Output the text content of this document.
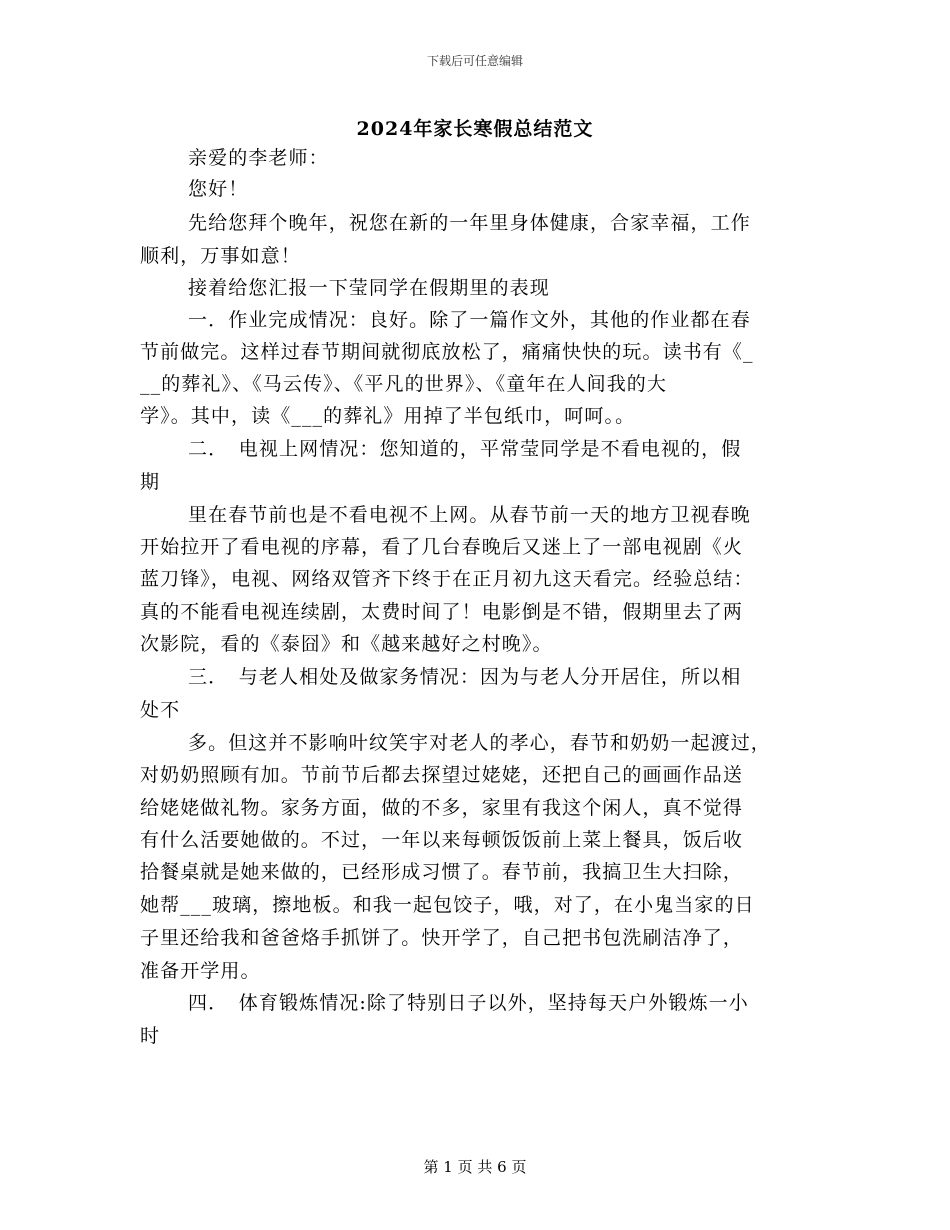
下载后可任意编辑
2024年家长寒假总结范文
亲爱的李老师：
您好！
先给您拜个晚年，祝您在新的一年里身体健康，合家幸福，工作
顺利，万事如意！
接着给您汇报一下莹同学在假期里的表现
一．作业完成情况：良好。除了一篇作文外，其他的作业都在春
节前做完。这样过春节期间就彻底放松了，痛痛快快的玩。读书有《_
__的葬礼》、《马云传》、《平凡的世界》、《童年在人间我的大
学》。其中，读《___的葬礼》用掉了半包纸巾，呵呵。。
二．　电视上网情况：您知道的，平常莹同学是不看电视的，假
期
里在春节前也是不看电视不上网。从春节前一天的地方卫视春晚
开始拉开了看电视的序幕，看了几台春晚后又迷上了一部电视剧《火
蓝刀锋》，电视、网络双管齐下终于在正月初九这天看完。经验总结：
真的不能看电视连续剧，太费时间了！电影倒是不错，假期里去了两
次影院，看的《泰囧》和《越来越好之村晚》。
三．　与老人相处及做家务情况：因为与老人分开居住，所以相
处不
多。但这并不影响叶纹笑宇对老人的孝心，春节和奶奶一起渡过，
对奶奶照顾有加。节前节后都去探望过姥姥，还把自己的画画作品送
给姥姥做礼物。家务方面，做的不多，家里有我这个闲人，真不觉得
有什么活要她做的。不过，一年以来每顿饭饭前上菜上餐具，饭后收
拾餐桌就是她来做的，已经形成习惯了。春节前，我搞卫生大扫除，
她帮___玻璃，擦地板。和我一起包饺子，哦，对了，在小鬼当家的日
子里还给我和爸爸烙手抓饼了。快开学了，自己把书包洗刷洁净了，
准备开学用。
四．　体育锻炼情况:除了特别日子以外，坚持每天户外锻炼一小
时
第 1 页 共 6 页
